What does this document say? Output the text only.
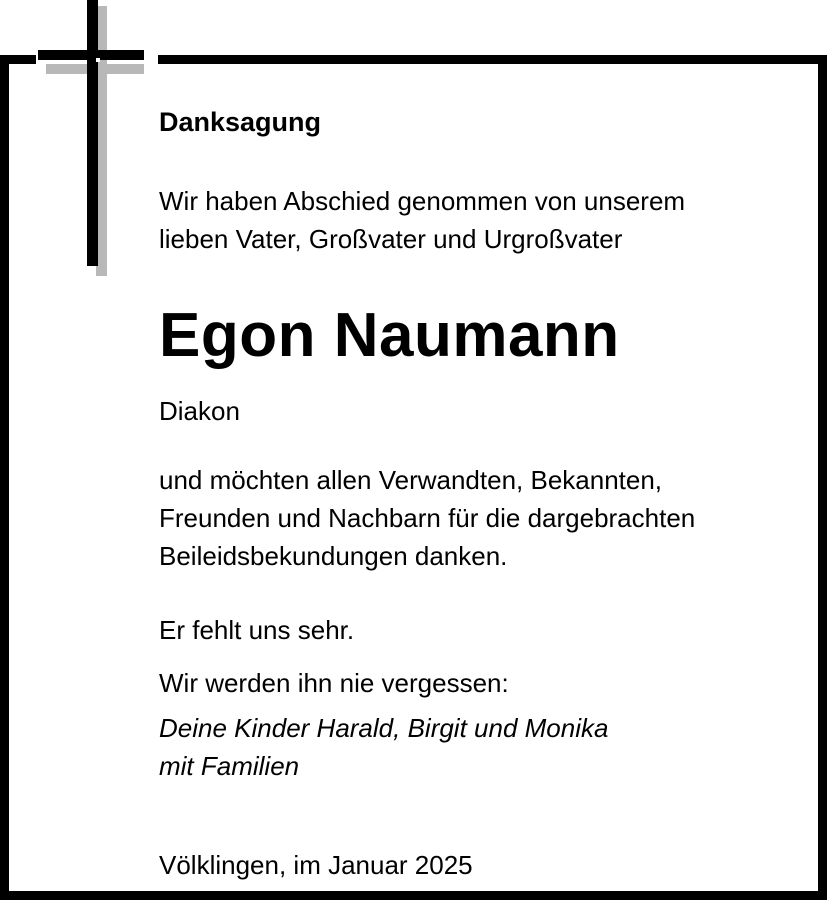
Danksagung
Wir haben Abschied genommen von unserem
lieben Vater, Großvater und Urgroßvater
Egon Naumann
Diakon
und möchten allen Verwandten, Bekannten,
Freunden und Nachbarn für die dargebrachten
Beileidsbekundungen danken.
Er fehlt uns sehr.
Wir werden ihn nie vergessen:
Deine Kinder Harald, Birgit und Monika
mit Familien
Völklingen, im Januar 2025
